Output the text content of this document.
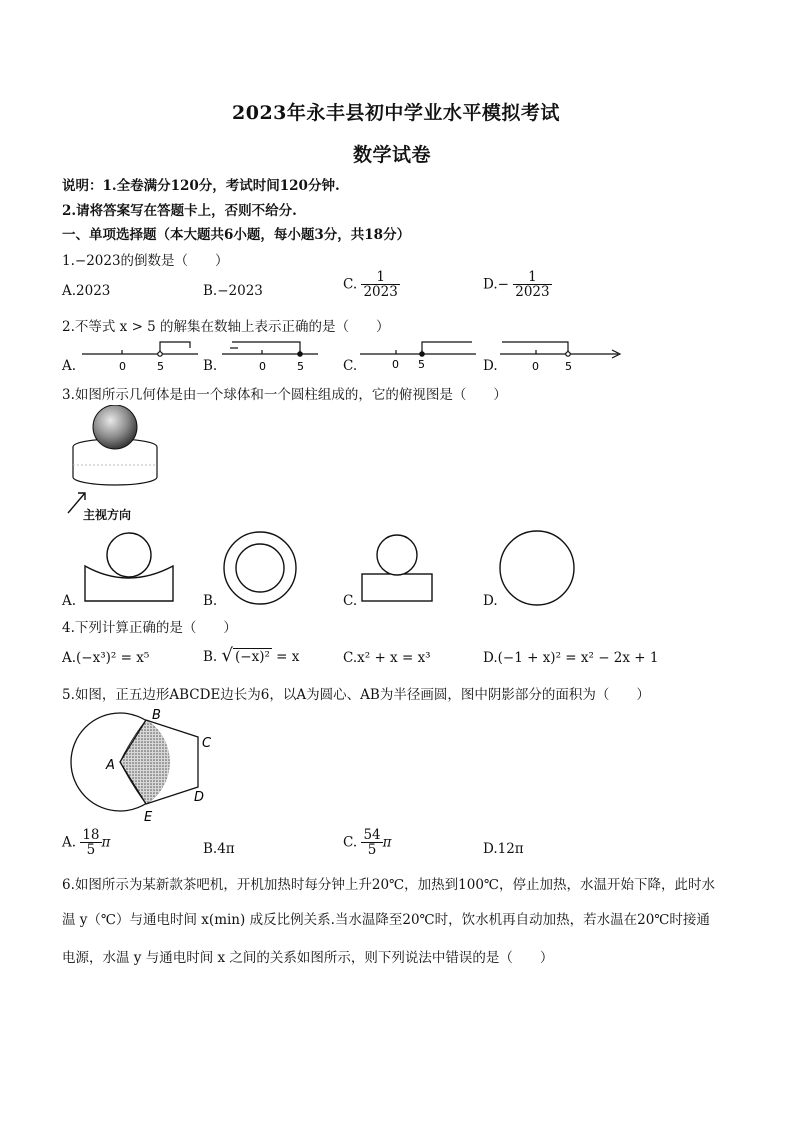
2023年永丰县初中学业水平模拟考试
数学试卷
说明：1.全卷满分120分，考试时间120分钟.
2.请将答案写在答题卡上，否则不给分.
一、单项选择题（本大题共6小题，每小题3分，共18分）
1.−2023的倒数是（　　）
A.2023	B.−2023	C. $\frac{1}{2023}$	$D.- \frac{1}{2023}$
2.不等式 x > 5 的解集在数轴上表示正确的是（　　）
A.	B.	C.	D.
0	5	0	5	0 5	0 5
3.如图所示几何体是由一个球体和一个圆柱组成的，它的俯视图是（　　）
主视方向
A.	B.	C.	D.
4.下列计算正确的是（　　）
A.(−x³)² = x⁵	B. √ (−x)² = x	C.x² + x = x³	D.(−1 + x)² = x² − 2x + 1
5.如图，正五边形ABCDE边长为6，以A为圆心、AB为半径画圆，图中阴影部分的面积为（　　）
A
B
C
D
E
A. $\frac{18}{5}$ π	B.4π	C. $\frac{54}{5}$ π	D.12π
6.如图所示为某新款茶吧机，开机加热时每分钟上升20℃，加热到100℃，停止加热，水温开始下降，此时水
温 y（℃）与通电时间 x(min) 成反比例关系.当水温降至20℃时，饮水机再自动加热，若水温在20℃时接通
电源，水温 y 与通电时间 x 之间的关系如图所示，则下列说法中错误的是（　　）
